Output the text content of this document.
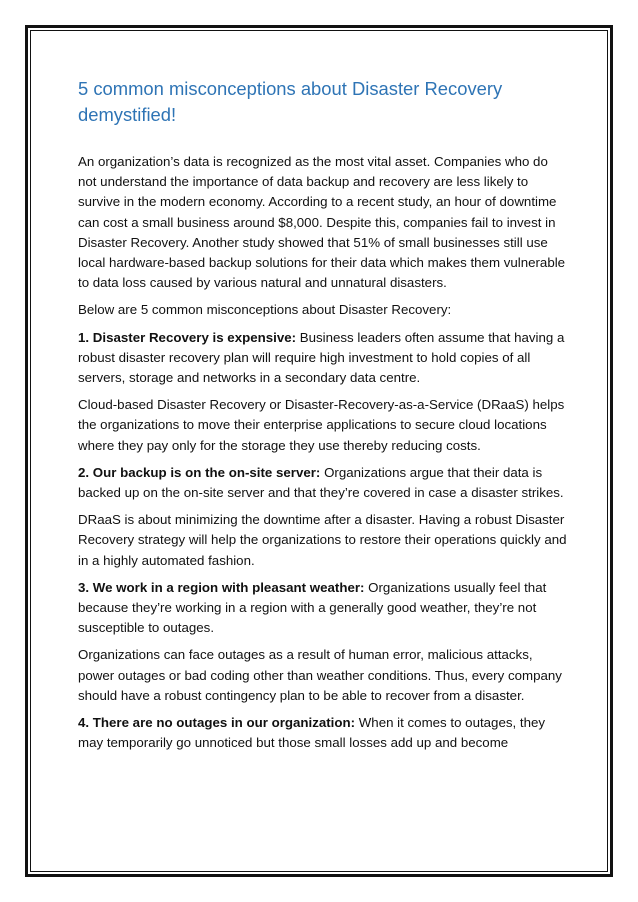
5 common misconceptions about Disaster Recovery demystified!

An organization’s data is recognized as the most vital asset. Companies who do not understand the importance of data backup and recovery are less likely to survive in the modern economy. According to a recent study, an hour of downtime can cost a small business around $8,000. Despite this, companies fail to invest in Disaster Recovery. Another study showed that 51% of small businesses still use local hardware-based backup solutions for their data which makes them vulnerable to data loss caused by various natural and unnatural disasters.

Below are 5 common misconceptions about Disaster Recovery:

1. Disaster Recovery is expensive: Business leaders often assume that having a robust disaster recovery plan will require high investment to hold copies of all servers, storage and networks in a secondary data centre.

Cloud-based Disaster Recovery or Disaster-Recovery-as-a-Service (DRaaS) helps the organizations to move their enterprise applications to secure cloud locations where they pay only for the storage they use thereby reducing costs.

2. Our backup is on the on-site server: Organizations argue that their data is backed up on the on-site server and that they’re covered in case a disaster strikes.

DRaaS is about minimizing the downtime after a disaster. Having a robust Disaster Recovery strategy will help the organizations to restore their operations quickly and in a highly automated fashion.

3. We work in a region with pleasant weather: Organizations usually feel that because they’re working in a region with a generally good weather, they’re not susceptible to outages.

Organizations can face outages as a result of human error, malicious attacks, power outages or bad coding other than weather conditions. Thus, every company should have a robust contingency plan to be able to recover from a disaster.

4. There are no outages in our organization: When it comes to outages, they may temporarily go unnoticed but those small losses add up and become
